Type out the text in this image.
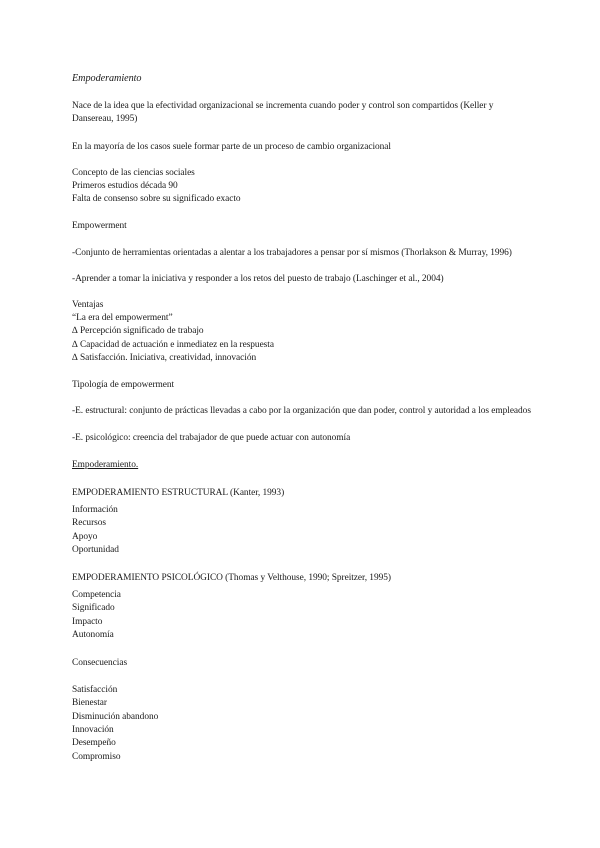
Empoderamiento
Nace de la idea que la efectividad organizacional se incrementa cuando poder y control son compartidos (Keller y Dansereau, 1995)
En la mayoría de los casos suele formar parte de un proceso de cambio organizacional
Concepto de las ciencias sociales
Primeros estudios década 90
Falta de consenso sobre su significado exacto
Empowerment
-Conjunto de herramientas orientadas a alentar a los trabajadores a pensar por sí mismos (Thorlakson & Murray, 1996)
-Aprender a tomar la iniciativa y responder a los retos del puesto de trabajo (Laschinger et al., 2004)
Ventajas
“La era del empowerment”
∆ Percepción significado de trabajo
∆ Capacidad de actuación e inmediatez en la respuesta
∆ Satisfacción. Iniciativa, creatividad, innovación
Tipología de empowerment
-E. estructural: conjunto de prácticas llevadas a cabo por la organización que dan poder, control y autoridad a los empleados
-E. psicológico: creencia del trabajador de que puede actuar con autonomía
Empoderamiento.
EMPODERAMIENTO ESTRUCTURAL (Kanter, 1993)
Información
Recursos
Apoyo
Oportunidad
EMPODERAMIENTO PSICOLÓGICO (Thomas y Velthouse, 1990; Spreitzer, 1995)
Competencia
Significado
Impacto
Autonomía
Consecuencias
Satisfacción
Bienestar
Disminución abandono
Innovación
Desempeño
Compromiso
